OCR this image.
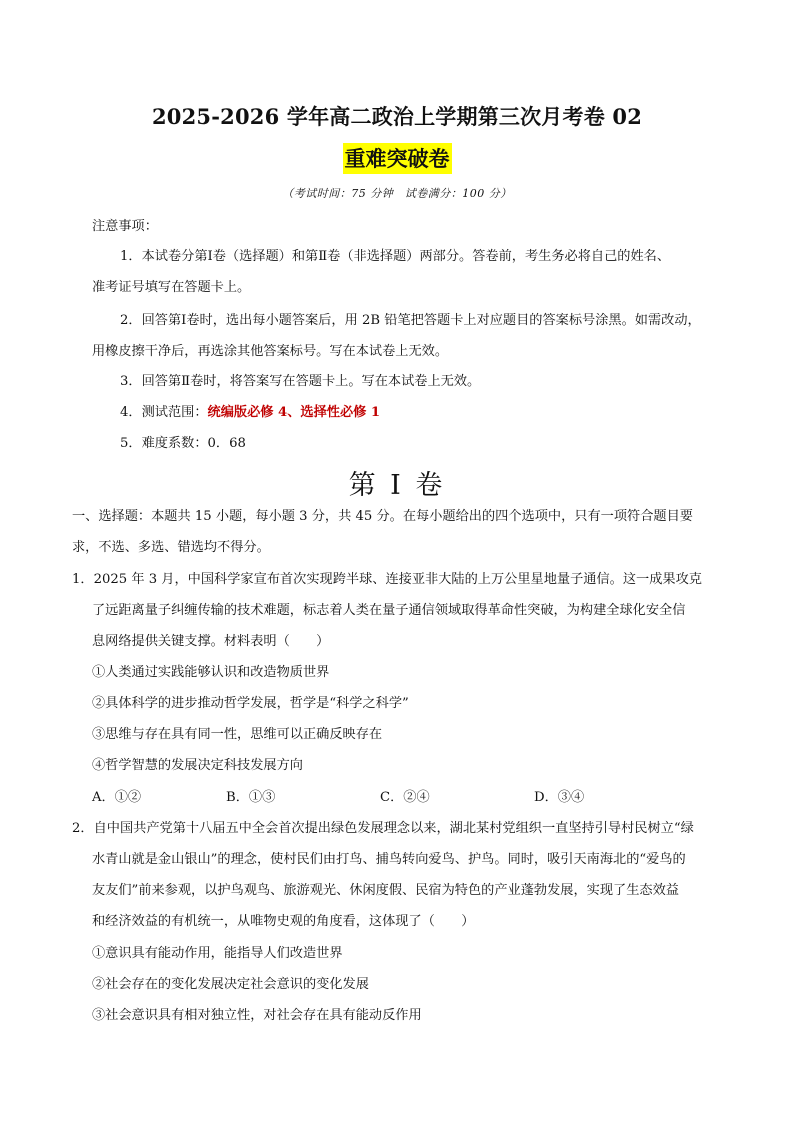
2025-2026 学年高二政治上学期第三次月考卷 02
重难突破卷
（考试时间：75 分钟　试卷满分：100 分）
注意事项：
1．本试卷分第Ⅰ卷（选择题）和第Ⅱ卷（非选择题）两部分。答卷前，考生务必将自己的姓名、
准考证号填写在答题卡上。
2．回答第Ⅰ卷时，选出每小题答案后，用 2B 铅笔把答题卡上对应题目的答案标号涂黑。如需改动，
用橡皮擦干净后，再选涂其他答案标号。写在本试卷上无效。
3．回答第Ⅱ卷时，将答案写在答题卡上。写在本试卷上无效。
4．测试范围：统编版必修 4、选择性必修 1
5．难度系数：0．68
第 I 卷
一、选择题：本题共 15 小题，每小题 3 分，共 45 分。在每小题给出的四个选项中，只有一项符合题目要
求，不选、多选、错选均不得分。
1．2025 年 3 月，中国科学家宣布首次实现跨半球、连接亚非大陆的上万公里星地量子通信。这一成果攻克
了远距离量子纠缠传输的技术难题，标志着人类在量子通信领域取得革命性突破，为构建全球化安全信
息网络提供关键支撑。材料表明（　　）
①人类通过实践能够认识和改造物质世界
②具体科学的进步推动哲学发展，哲学是“科学之科学”
③思维与存在具有同一性，思维可以正确反映存在
④哲学智慧的发展决定科技发展方向
A．①②	B．①③	C．②④	D．③④
2．自中国共产党第十八届五中全会首次提出绿色发展理念以来，湖北某村党组织一直坚持引导村民树立“绿
水青山就是金山银山”的理念，使村民们由打鸟、捕鸟转向爱鸟、护鸟。同时，吸引天南海北的“爱鸟的
友友们”前来参观，以护鸟观鸟、旅游观光、休闲度假、民宿为特色的产业蓬勃发展，实现了生态效益
和经济效益的有机统一，从唯物史观的角度看，这体现了（　　）
①意识具有能动作用，能指导人们改造世界
②社会存在的变化发展决定社会意识的变化发展
③社会意识具有相对独立性，对社会存在具有能动反作用
